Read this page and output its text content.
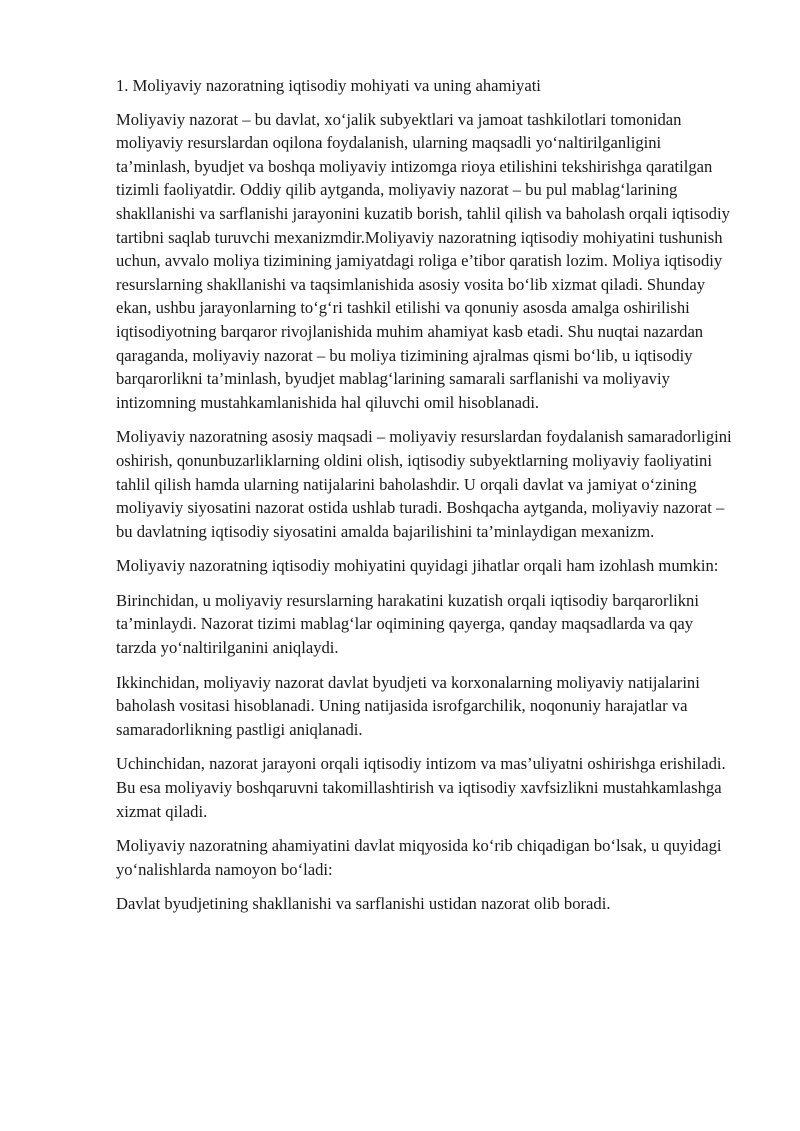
1. Moliyaviy nazoratning iqtisodiy mohiyati va uning ahamiyati

Moliyaviy nazorat – bu davlat, xo‘jalik subyektlari va jamoat tashkilotlari tomonidan moliyaviy resurslardan oqilona foydalanish, ularning maqsadli yo‘naltirilganligini ta’minlash, byudjet va boshqa moliyaviy intizomga rioya etilishini tekshirishga qaratilgan tizimli faoliyatdir. Oddiy qilib aytganda, moliyaviy nazorat – bu pul mablag‘larining shakllanishi va sarflanishi jarayonini kuzatib borish, tahlil qilish va baholash orqali iqtisodiy tartibni saqlab turuvchi mexanizmdir.Moliyaviy nazoratning iqtisodiy mohiyatini tushunish uchun, avvalo moliya tizimining jamiyatdagi roliga e’tibor qaratish lozim. Moliya iqtisodiy resurslarning shakllanishi va taqsimlanishida asosiy vosita bo‘lib xizmat qiladi. Shunday ekan, ushbu jarayonlarning to‘g‘ri tashkil etilishi va qonuniy asosda amalga oshirilishi iqtisodiyotning barqaror rivojlanishida muhim ahamiyat kasb etadi. Shu nuqtai nazardan qaraganda, moliyaviy nazorat – bu moliya tizimining ajralmas qismi bo‘lib, u iqtisodiy barqarorlikni ta’minlash, byudjet mablag‘larining samarali sarflanishi va moliyaviy intizomning mustahkamlanishida hal qiluvchi omil hisoblanadi.

Moliyaviy nazoratning asosiy maqsadi – moliyaviy resurslardan foydalanish samaradorligini oshirish, qonunbuzarliklarning oldini olish, iqtisodiy subyektlarning moliyaviy faoliyatini tahlil qilish hamda ularning natijalarini baholashdir. U orqali davlat va jamiyat o‘zining moliyaviy siyosatini nazorat ostida ushlab turadi. Boshqacha aytganda, moliyaviy nazorat – bu davlatning iqtisodiy siyosatini amalda bajarilishini ta’minlaydigan mexanizm.

Moliyaviy nazoratning iqtisodiy mohiyatini quyidagi jihatlar orqali ham izohlash mumkin:

Birinchidan, u moliyaviy resurslarning harakatini kuzatish orqali iqtisodiy barqarorlikni ta’minlaydi. Nazorat tizimi mablag‘lar oqimining qayerga, qanday maqsadlarda va qay tarzda yo‘naltirilganini aniqlaydi.

Ikkinchidan, moliyaviy nazorat davlat byudjeti va korxonalarning moliyaviy natijalarini baholash vositasi hisoblanadi. Uning natijasida isrofgarchilik, noqonuniy harajatlar va samaradorlikning pastligi aniqlanadi.

Uchinchidan, nazorat jarayoni orqali iqtisodiy intizom va mas’uliyatni oshirishga erishiladi. Bu esa moliyaviy boshqaruvni takomillashtirish va iqtisodiy xavfsizlikni mustahkamlashga xizmat qiladi.

Moliyaviy nazoratning ahamiyatini davlat miqyosida ko‘rib chiqadigan bo‘lsak, u quyidagi yo‘nalishlarda namoyon bo‘ladi:

Davlat byudjetining shakllanishi va sarflanishi ustidan nazorat olib boradi.
